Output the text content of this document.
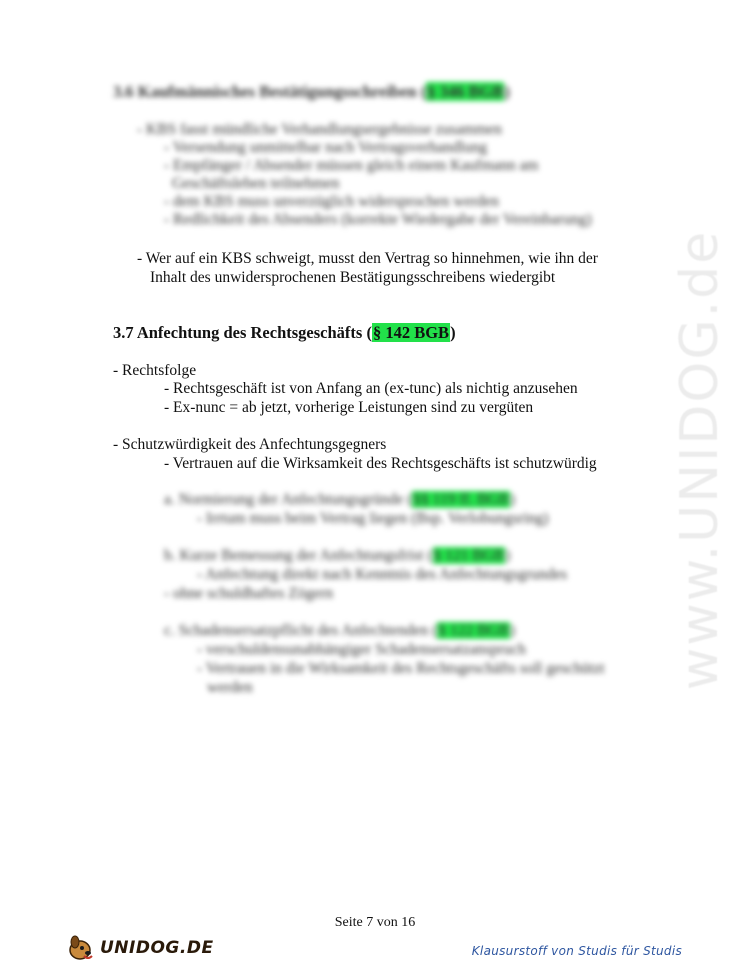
www.UNIDOG.de
3.6 Kaufmännisches Bestätigungsschreiben (§ 346 BGB)
- KBS fasst mündliche Verhandlungsergebnisse zusammen
- Versendung unmittelbar nach Vertragsverhandlung
- Empfänger / Absender müssen gleich einem Kaufmann am
Geschäftsleben teilnehmen
- dem KBS muss unverzüglich widersprochen werden
- Redlichkeit des Absenders (korrekte Wiedergabe der Vereinbarung)
- Wer auf ein KBS schweigt, musst den Vertrag so hinnehmen, wie ihn der
Inhalt des unwidersprochenen Bestätigungsschreibens wiedergibt
3.7 Anfechtung des Rechtsgeschäfts (§ 142 BGB)
- Rechtsfolge
- Rechtsgeschäft ist von Anfang an (ex-tunc) als nichtig anzusehen
- Ex-nunc = ab jetzt, vorherige Leistungen sind zu vergüten
- Schutzwürdigkeit des Anfechtungsgegners
- Vertrauen auf die Wirksamkeit des Rechtsgeschäfts ist schutzwürdig
a. Normierung der Anfechtungsgründe (§§ 119 ff. BGB)
- Irrtum muss beim Vertrag liegen (Bsp. Verlobungsring)
b. Kurze Bemessung der Anfechtungsfrist (§ 121 BGB)
- Anfechtung direkt nach Kenntnis des Anfechtungsgrundes
- ohne schuldhaftes Zögern
c. Schadensersatzpflicht des Anfechtenden (§ 122 BGB)
- verschuldensunabhängiger Schadensersatzanspruch
- Vertrauen in die Wirksamkeit des Rechtsgeschäfts soll geschützt
werden
Seite 7 von 16
UNIDOG.DE	Klausurstoff von Studis für Studis
